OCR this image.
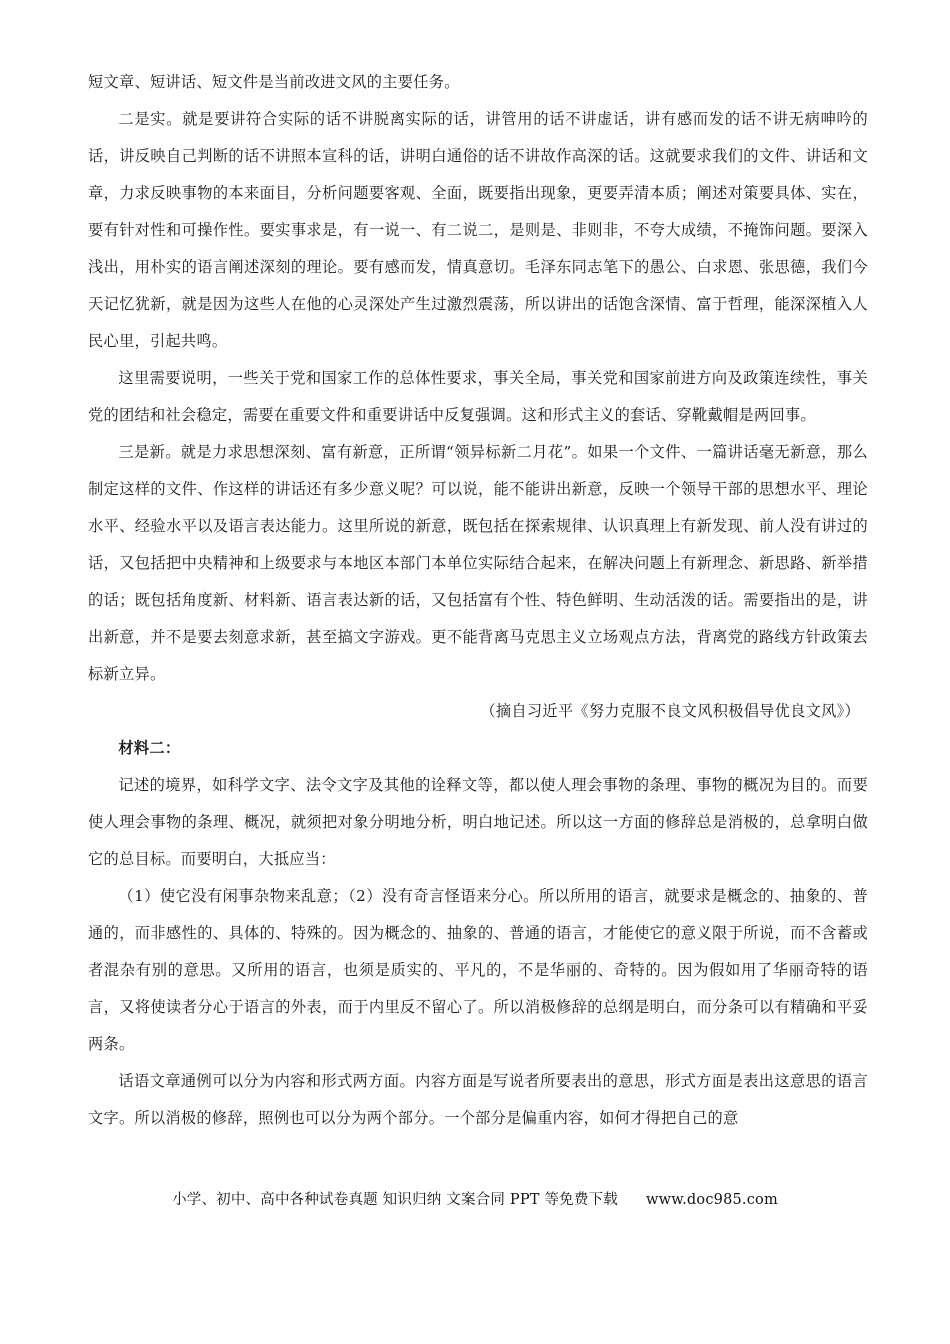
短文章、短讲话、短文件是当前改进文风的主要任务。

二是实。就是要讲符合实际的话不讲脱离实际的话，讲管用的话不讲虚话，讲有感而发的话不讲无病呻吟的话，讲反映自己判断的话不讲照本宣科的话，讲明白通俗的话不讲故作高深的话。这就要求我们的文件、讲话和文章，力求反映事物的本来面目，分析问题要客观、全面，既要指出现象，更要弄清本质；阐述对策要具体、实在，要有针对性和可操作性。要实事求是，有一说一、有二说二，是则是、非则非，不夸大成绩，不掩饰问题。要深入浅出，用朴实的语言阐述深刻的理论。要有感而发，情真意切。毛泽东同志笔下的愚公、白求恩、张思德，我们今天记忆犹新，就是因为这些人在他的心灵深处产生过激烈震荡，所以讲出的话饱含深情、富于哲理，能深深植入人民心里，引起共鸣。

这里需要说明，一些关于党和国家工作的总体性要求，事关全局，事关党和国家前进方向及政策连续性，事关党的团结和社会稳定，需要在重要文件和重要讲话中反复强调。这和形式主义的套话、穿靴戴帽是两回事。

三是新。就是力求思想深刻、富有新意，正所谓“领异标新二月花”。如果一个文件、一篇讲话毫无新意，那么制定这样的文件、作这样的讲话还有多少意义呢？可以说，能不能讲出新意，反映一个领导干部的思想水平、理论水平、经验水平以及语言表达能力。这里所说的新意，既包括在探索规律、认识真理上有新发现、前人没有讲过的话，又包括把中央精神和上级要求与本地区本部门本单位实际结合起来，在解决问题上有新理念、新思路、新举措的话；既包括角度新、材料新、语言表达新的话，又包括富有个性、特色鲜明、生动活泼的话。需要指出的是，讲出新意，并不是要去刻意求新，甚至搞文字游戏。更不能背离马克思主义立场观点方法，背离党的路线方针政策去标新立异。

（摘自习近平《努力克服不良文风积极倡导优良文风》）

材料二：

记述的境界，如科学文字、法令文字及其他的诠释文等，都以使人理会事物的条理、事物的概况为目的。而要使人理会事物的条理、概况，就须把对象分明地分析，明白地记述。所以这一方面的修辞总是消极的，总拿明白做它的总目标。而要明白，大抵应当：

（1）使它没有闲事杂物来乱意；（2）没有奇言怪语来分心。所以所用的语言，就要求是概念的、抽象的、普通的，而非感性的、具体的、特殊的。因为概念的、抽象的、普通的语言，才能使它的意义限于所说，而不含蓄或者混杂有别的意思。又所用的语言，也须是质实的、平凡的，不是华丽的、奇特的。因为假如用了华丽奇特的语言，又将使读者分心于语言的外表，而于内里反不留心了。所以消极修辞的总纲是明白，而分条可以有精确和平妥两条。

话语文章通例可以分为内容和形式两方面。内容方面是写说者所要表出的意思，形式方面是表出这意思的语言文字。所以消极的修辞，照例也可以分为两个部分。一个部分是偏重内容，如何才得把自己的意

小学、初中、高中各种试卷真题 知识归纳 文案合同 PPT 等免费下载 www.doc985.com
